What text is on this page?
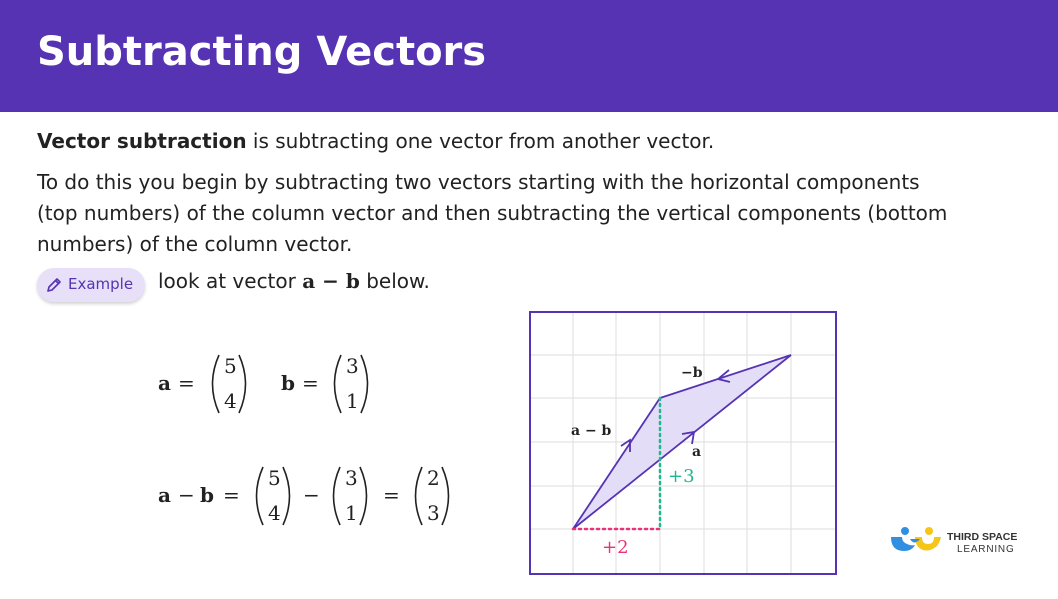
Subtracting Vectors

Vector subtraction is subtracting one vector from another vector.

To do this you begin by subtracting two vectors starting with the horizontal components
(top numbers) of the column vector and then subtracting the vertical components (bottom
numbers) of the column vector.

Example look at vector a − b below.
a =
5
4
b =
3
1
a − b =
5
4
−
3
1
=
2
3
−b
a − b
a
+3
+2	THIRD SPACE
LEARNING
